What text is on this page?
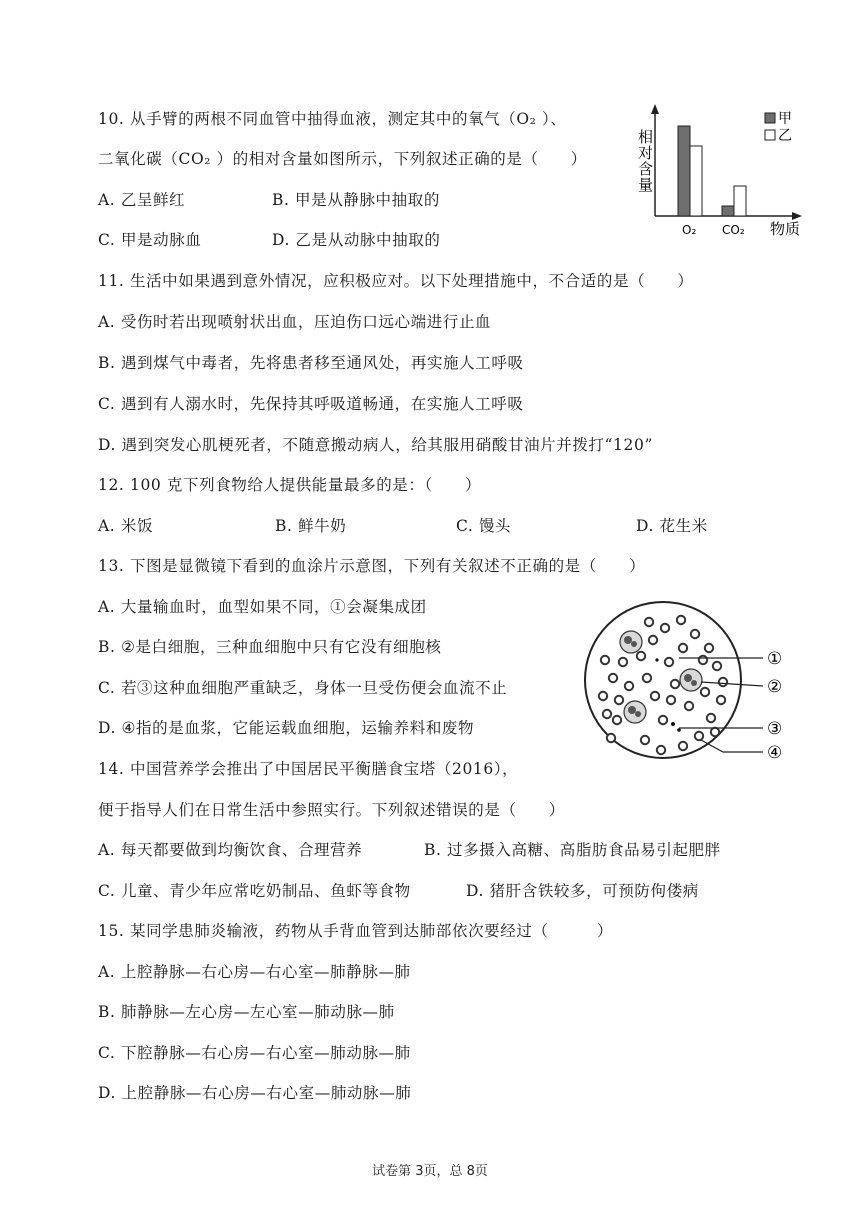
10. 从手臂的两根不同血管中抽得血液，测定其中的氧气（O₂ ）、
二氧化碳（CO₂ ）的相对含量如图所示，下列叙述正确的是（　　）
A. 乙呈鲜红	B. 甲是从静脉中抽取的
C. 甲是动脉血	D. 乙是从动脉中抽取的
相
对
含
量
O₂ CO₂ 物质
甲
乙
11. 生活中如果遇到意外情况，应积极应对。以下处理措施中，不合适的是（　　）
A. 受伤时若出现喷射状出血，压迫伤口远心端进行止血
B. 遇到煤气中毒者，先将患者移至通风处，再实施人工呼吸
C. 遇到有人溺水时，先保持其呼吸道畅通，在实施人工呼吸
D. 遇到突发心肌梗死者，不随意搬动病人，给其服用硝酸甘油片并拨打“120”
12. 100 克下列食物给人提供能量最多的是：（　　）
A. 米饭	B. 鲜牛奶	C. 馒头	D. 花生米
13. 下图是显微镜下看到的血涂片示意图，下列有关叙述不正确的是（　　）
A. 大量输血时，血型如果不同，①会凝集成团
B. ②是白细胞，三种血细胞中只有它没有细胞核
C. 若③这种血细胞严重缺乏，身体一旦受伤便会血流不止
D. ④指的是血浆，它能运载血细胞，运输养料和废物
①
②
③
④
14. 中国营养学会推出了中国居民平衡膳食宝塔（2016），
便于指导人们在日常生活中参照实行。下列叙述错误的是（　　）
A. 每天都要做到均衡饮食、合理营养	B. 过多摄入高糖、高脂肪食品易引起肥胖
C. 儿童、青少年应常吃奶制品、鱼虾等食物	D. 猪肝含铁较多，可预防佝偻病
15. 某同学患肺炎输液，药物从手背血管到达肺部依次要经过（　　　）
A. 上腔静脉—右心房—右心室—肺静脉—肺
B. 肺静脉—左心房—左心室—肺动脉—肺
C. 下腔静脉—右心房—右心室—肺动脉—肺
D. 上腔静脉—右心房—右心室—肺动脉—肺
试卷第 3页，总 8页
